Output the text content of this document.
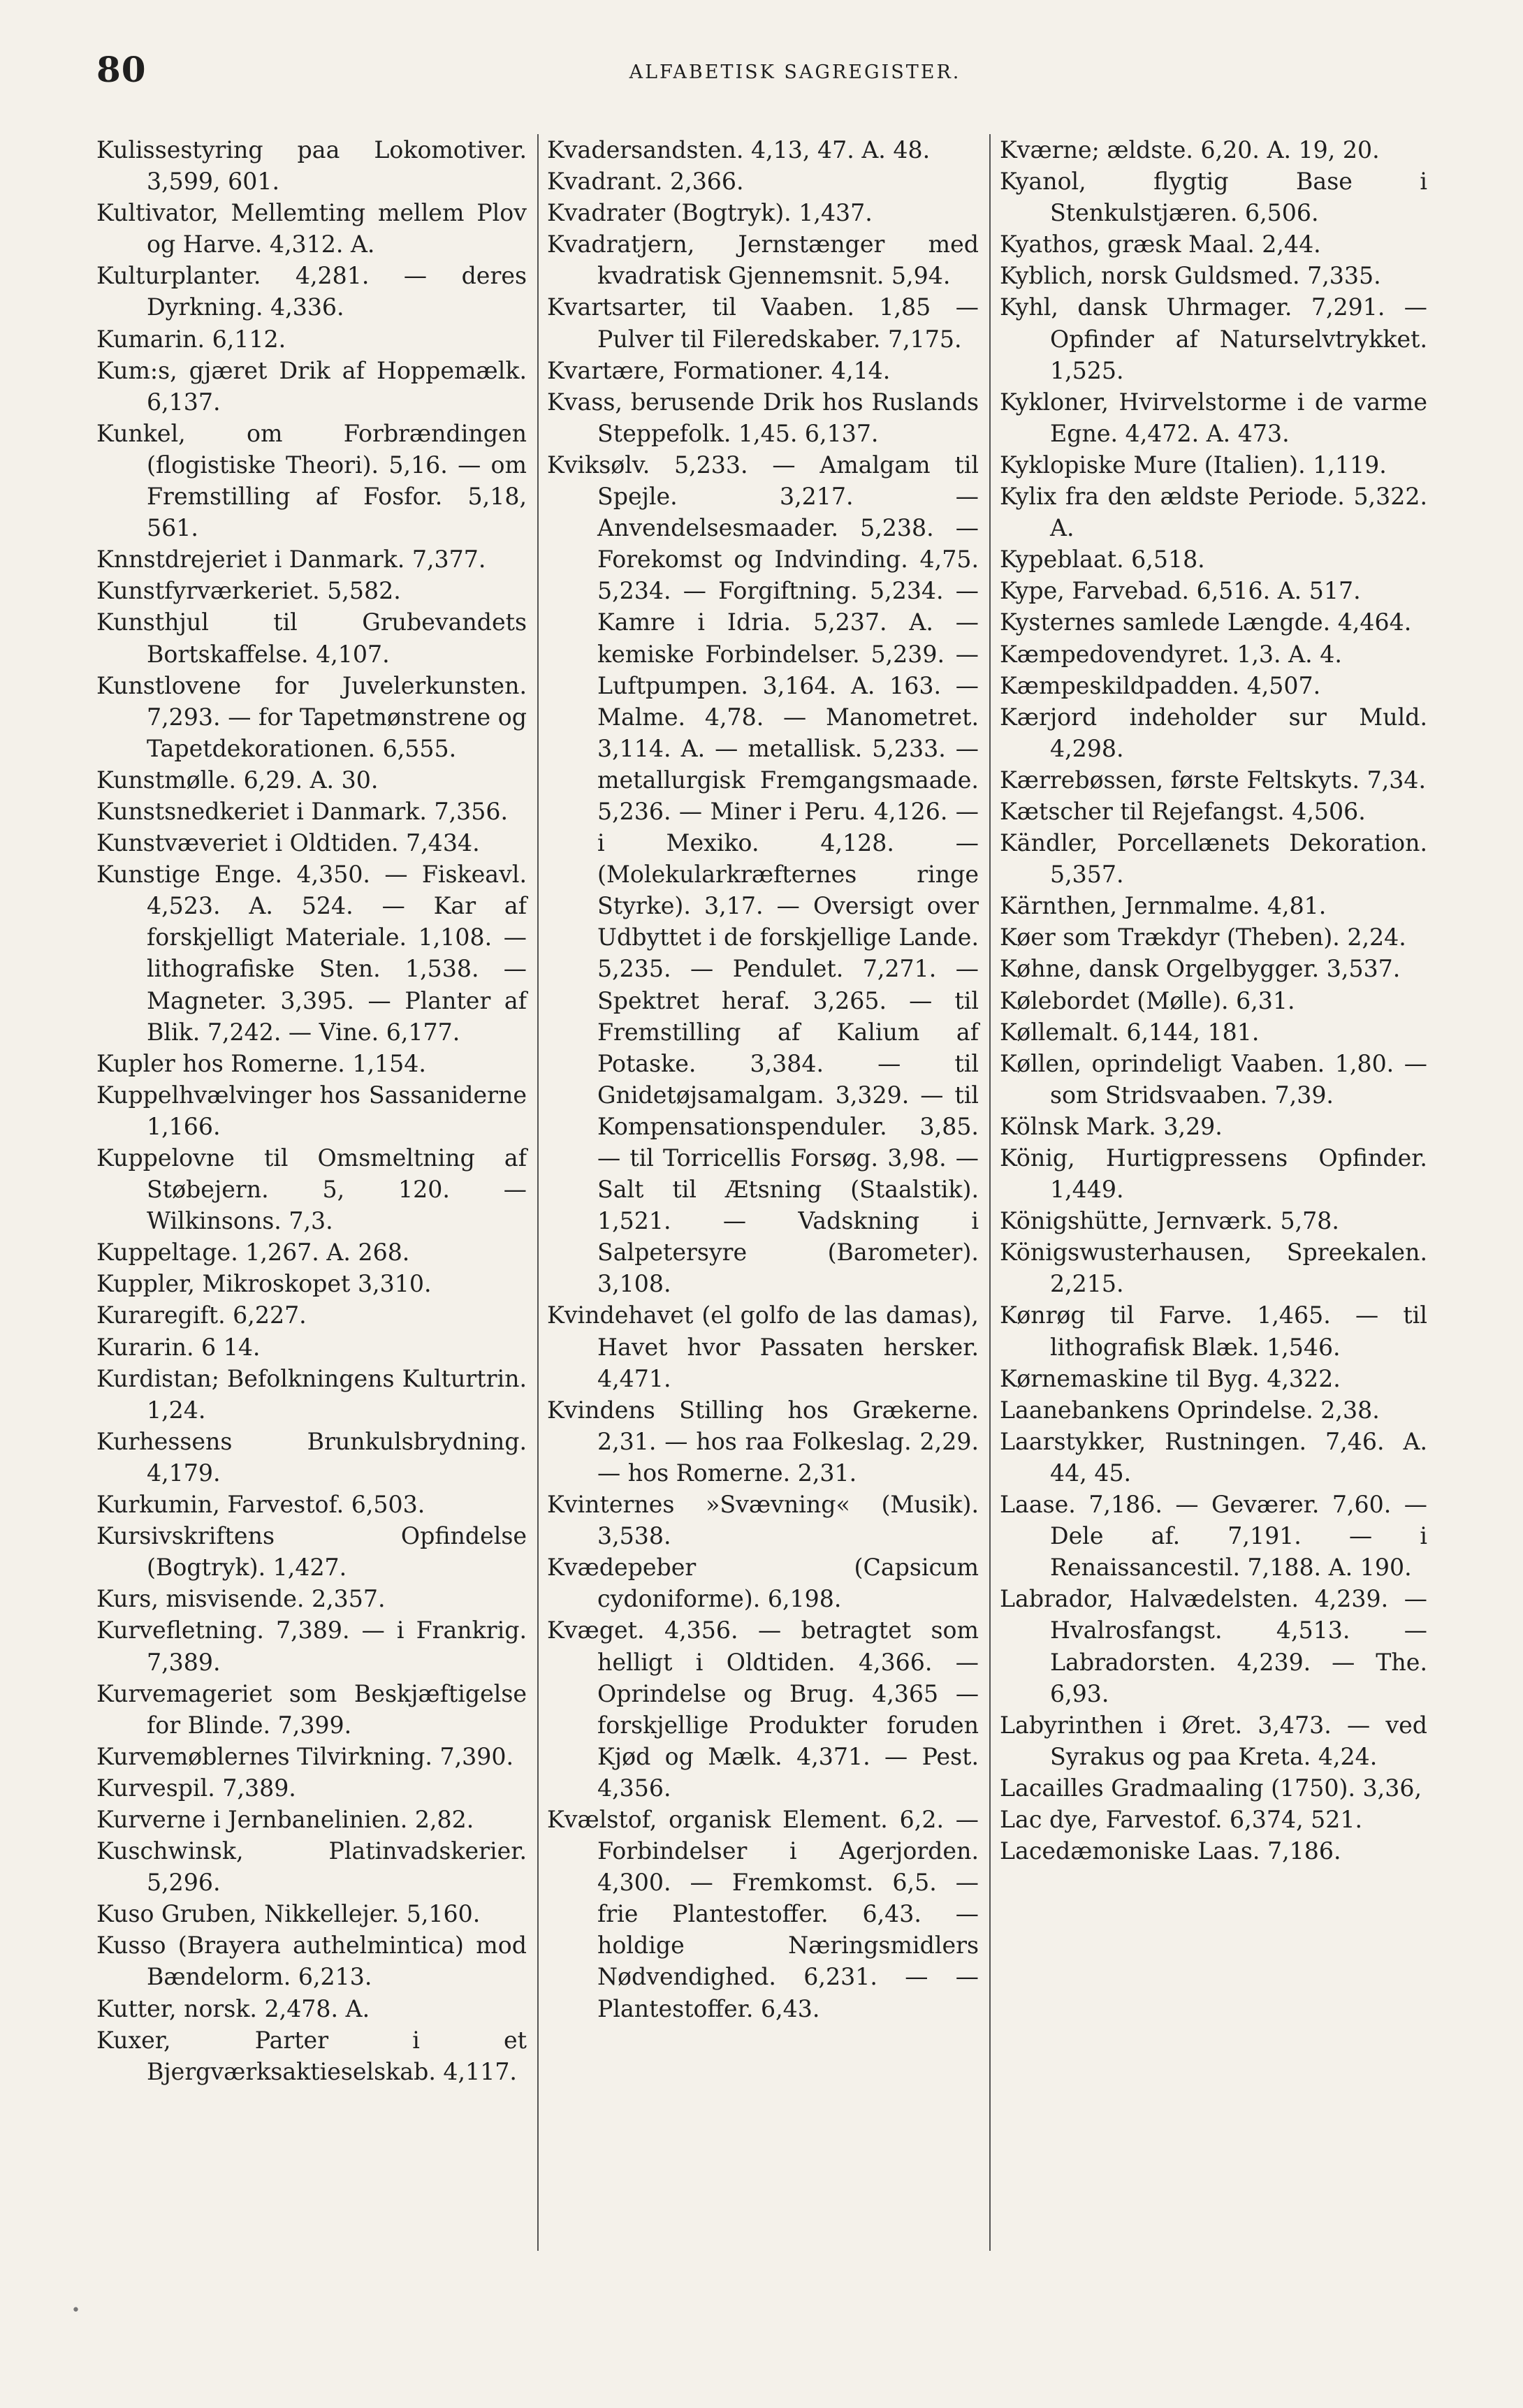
80	ALFABETISK SAGREGISTER.
Kulissestyring paa Lokomotiver. 3,599, 601.
Kultivator, Mellemting mellem Plov og Harve. 4,312. A.
Kulturplanter. 4,281. — deres Dyrkning. 4,336.
Kumarin. 6,112.
Kum:s, gjæret Drik af Hoppemælk. 6,137.
Kunkel, om Forbrændingen (flogistiske Theori). 5,16. — om Fremstilling af Fosfor. 5,18, 561.
Knnstdrejeriet i Danmark. 7,377.
Kunstfyrværkeriet. 5,582.
Kunsthjul til Grubevandets Bortskaffelse. 4,107.
Kunstlovene for Juvelerkunsten. 7,293. — for Tapetmønstrene og Tapetdekorationen. 6,555.
Kunstmølle. 6,29. A. 30.
Kunstsnedkeriet i Danmark. 7,356.
Kunstvæveriet i Oldtiden. 7,434.
Kunstige Enge. 4,350. — Fiskeavl. 4,523. A. 524. — Kar af forskjelligt Materiale. 1,108. — lithografiske Sten. 1,538. — Magneter. 3,395. — Planter af Blik. 7,242. — Vine. 6,177.
Kupler hos Romerne. 1,154.
Kuppelhvælvinger hos Sassaniderne 1,166.
Kuppelovne til Omsmeltning af Støbejern. 5, 120. — Wilkinsons. 7,3.
Kuppeltage. 1,267. A. 268.
Kuppler, Mikroskopet 3,310.
Kuraregift. 6,227.
Kurarin. 6 14.
Kurdistan; Befolkningens Kulturtrin. 1,24.
Kurhessens Brunkulsbrydning. 4,179.
Kurkumin, Farvestof. 6,503.
Kursivskriftens Opfindelse (Bogtryk). 1,427.
Kurs, misvisende. 2,357.
Kurvefletning. 7,389. — i Frankrig. 7,389.
Kurvemageriet som Beskjæftigelse for Blinde. 7,399.
Kurvemøblernes Tilvirkning. 7,390.
Kurvespil. 7,389.
Kurverne i Jernbanelinien. 2,82.
Kuschwinsk, Platinvadskerier. 5,296.
Kuso Gruben, Nikkellejer. 5,160.
Kusso (Brayera authelmintica) mod Bændelorm. 6,213.
Kutter, norsk. 2,478. A.
Kuxer, Parter i et Bjergværksaktieselskab. 4,117.
Kvadersandsten. 4,13, 47. A. 48.
Kvadrant. 2,366.
Kvadrater (Bogtryk). 1,437.
Kvadratjern, Jernstænger med kvadratisk Gjennemsnit. 5,94.
Kvartsarter, til Vaaben. 1,85 — Pulver til Fileredskaber. 7,175.
Kvartære, Formationer. 4,14.
Kvass, berusende Drik hos Ruslands Steppefolk. 1,45. 6,137.
Kviksølv. 5,233. — Amalgam til Spejle. 3,217. — Anvendelsesmaader. 5,238. — Forekomst og Indvinding. 4,75. 5,234. — Forgiftning. 5,234. — Kamre i Idria. 5,237. A. — kemiske Forbindelser. 5,239. — Luftpumpen. 3,164. A. 163. — Malme. 4,78. — Manometret. 3,114. A. — metallisk. 5,233. — metallurgisk Fremgangsmaade. 5,236. — Miner i Peru. 4,126. — i Mexiko. 4,128. — (Molekularkræfternes ringe Styrke). 3,17. — Oversigt over Udbyttet i de forskjellige Lande. 5,235. — Pendulet. 7,271. — Spektret heraf. 3,265. — til Fremstilling af Kalium af Potaske. 3,384. — til Gnidetøjsamalgam. 3,329. — til Kompensationspenduler. 3,85. — til Torricellis Forsøg. 3,98. — Salt til Ætsning (Staalstik). 1,521. — Vadskning i Salpetersyre (Barometer). 3,108.
Kvindehavet (el golfo de las damas), Havet hvor Passaten hersker. 4,471.
Kvindens Stilling hos Grækerne. 2,31. — hos raa Folkeslag. 2,29. — hos Romerne. 2,31.
Kvinternes »Svævning« (Musik). 3,538.
Kvædepeber (Capsicum cydoniforme). 6,198.
Kvæget. 4,356. — betragtet som helligt i Oldtiden. 4,366. — Oprindelse og Brug. 4,365 — forskjellige Produkter foruden Kjød og Mælk. 4,371. — Pest. 4,356.
Kvælstof, organisk Element. 6,2. — Forbindelser i Agerjorden. 4,300. — Fremkomst. 6,5. — frie Plantestoffer. 6,43. — holdige Næringsmidlers Nødvendighed. 6,231. — — Plantestoffer. 6,43.
Kværne; ældste. 6,20. A. 19, 20.
Kyanol, flygtig Base i Stenkulstjæren. 6,506.
Kyathos, græsk Maal. 2,44.
Kyblich, norsk Guldsmed. 7,335.
Kyhl, dansk Uhrmager. 7,291. — Opfinder af Naturselvtrykket. 1,525.
Kykloner, Hvirvelstorme i de varme Egne. 4,472. A. 473.
Kyklopiske Mure (Italien). 1,119.
Kylix fra den ældste Periode. 5,322. A.
Kypeblaat. 6,518.
Kype, Farvebad. 6,516. A. 517.
Kysternes samlede Længde. 4,464.
Kæmpedovendyret. 1,3. A. 4.
Kæmpeskildpadden. 4,507.
Kærjord indeholder sur Muld. 4,298.
Kærrebøssen, første Feltskyts. 7,34.
Kætscher til Rejefangst. 4,506.
Kändler, Porcellænets Dekoration. 5,357.
Kärnthen, Jernmalme. 4,81.
Køer som Trækdyr (Theben). 2,24.
Køhne, dansk Orgelbygger. 3,537.
Kølebordet (Mølle). 6,31.
Køllemalt. 6,144, 181.
Køllen, oprindeligt Vaaben. 1,80. — som Stridsvaaben. 7,39.
Kölnsk Mark. 3,29.
König, Hurtigpressens Opfinder. 1,449.
Königshütte, Jernværk. 5,78.
Königswusterhausen, Spreekalen. 2,215.
Kønrøg til Farve. 1,465. — til lithografisk Blæk. 1,546.
Kørnemaskine til Byg. 4,322.
Laanebankens Oprindelse. 2,38.
Laarstykker, Rustningen. 7,46. A. 44, 45.
Laase. 7,186. — Geværer. 7,60. — Dele af. 7,191. — i Renaissancestil. 7,188. A. 190.
Labrador, Halvædelsten. 4,239. — Hvalrosfangst. 4,513. — Labradorsten. 4,239. — The. 6,93.
Labyrinthen i Øret. 3,473. — ved Syrakus og paa Kreta. 4,24.
Lacailles Gradmaaling (1750). 3,36,
Lac dye, Farvestof. 6,374, 521.
Lacedæmoniske Laas. 7,186.
•
